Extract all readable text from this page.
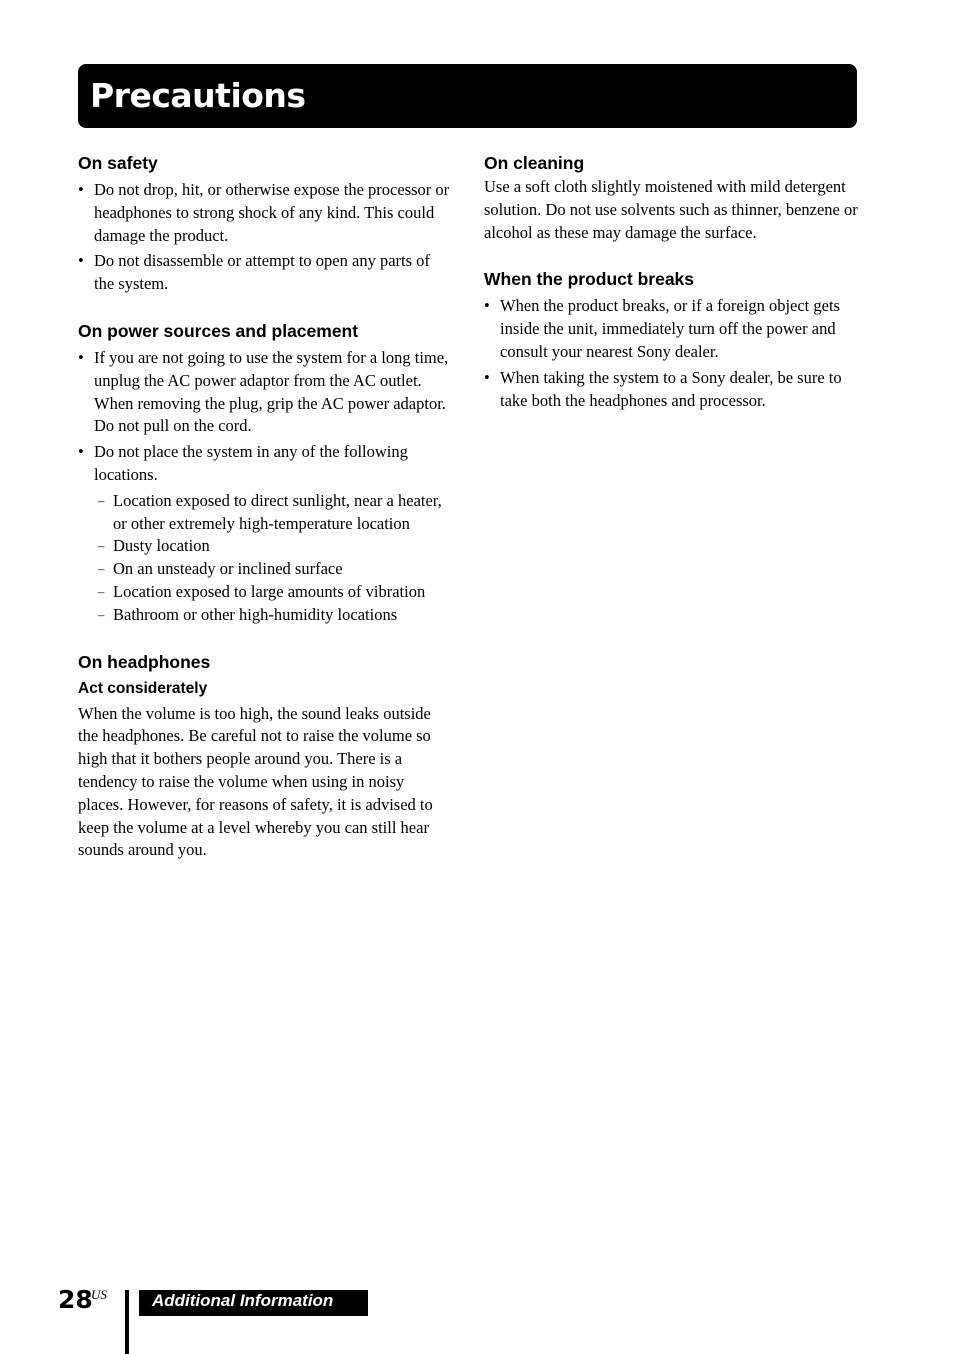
Precautions
On safety
• Do not drop, hit, or otherwise expose the processor or headphones to strong shock of any kind. This could damage the product.
• Do not disassemble or attempt to open any parts of the system.
On power sources and placement
• If you are not going to use the system for a long time, unplug the AC power adaptor from the AC outlet. When removing the plug, grip the AC power adaptor.
Do not pull on the cord.
• Do not place the system in any of the following locations.
– Location exposed to direct sunlight, near a heater, or other extremely high-temperature location
– Dusty location
– On an unsteady or inclined surface
– Location exposed to large amounts of vibration
– Bathroom or other high-humidity locations
On headphones
Act considerately

When the volume is too high, the sound leaks outside the headphones. Be careful not to raise the volume so high that it bothers people around you. There is a tendency to raise the volume when using in noisy places. However, for reasons of safety, it is advised to keep the volume at a level whereby you can still hear sounds around you.

On cleaning

Use a soft cloth slightly moistened with mild detergent solution. Do not use solvents such as thinner, benzene or alcohol as these may damage the surface.

When the product breaks
• When the product breaks, or if a foreign object gets inside the unit, immediately turn off the power and consult your nearest Sony dealer.
• When taking the system to a Sony dealer, be sure to take both the headphones and processor.
28
US	Additional Information
